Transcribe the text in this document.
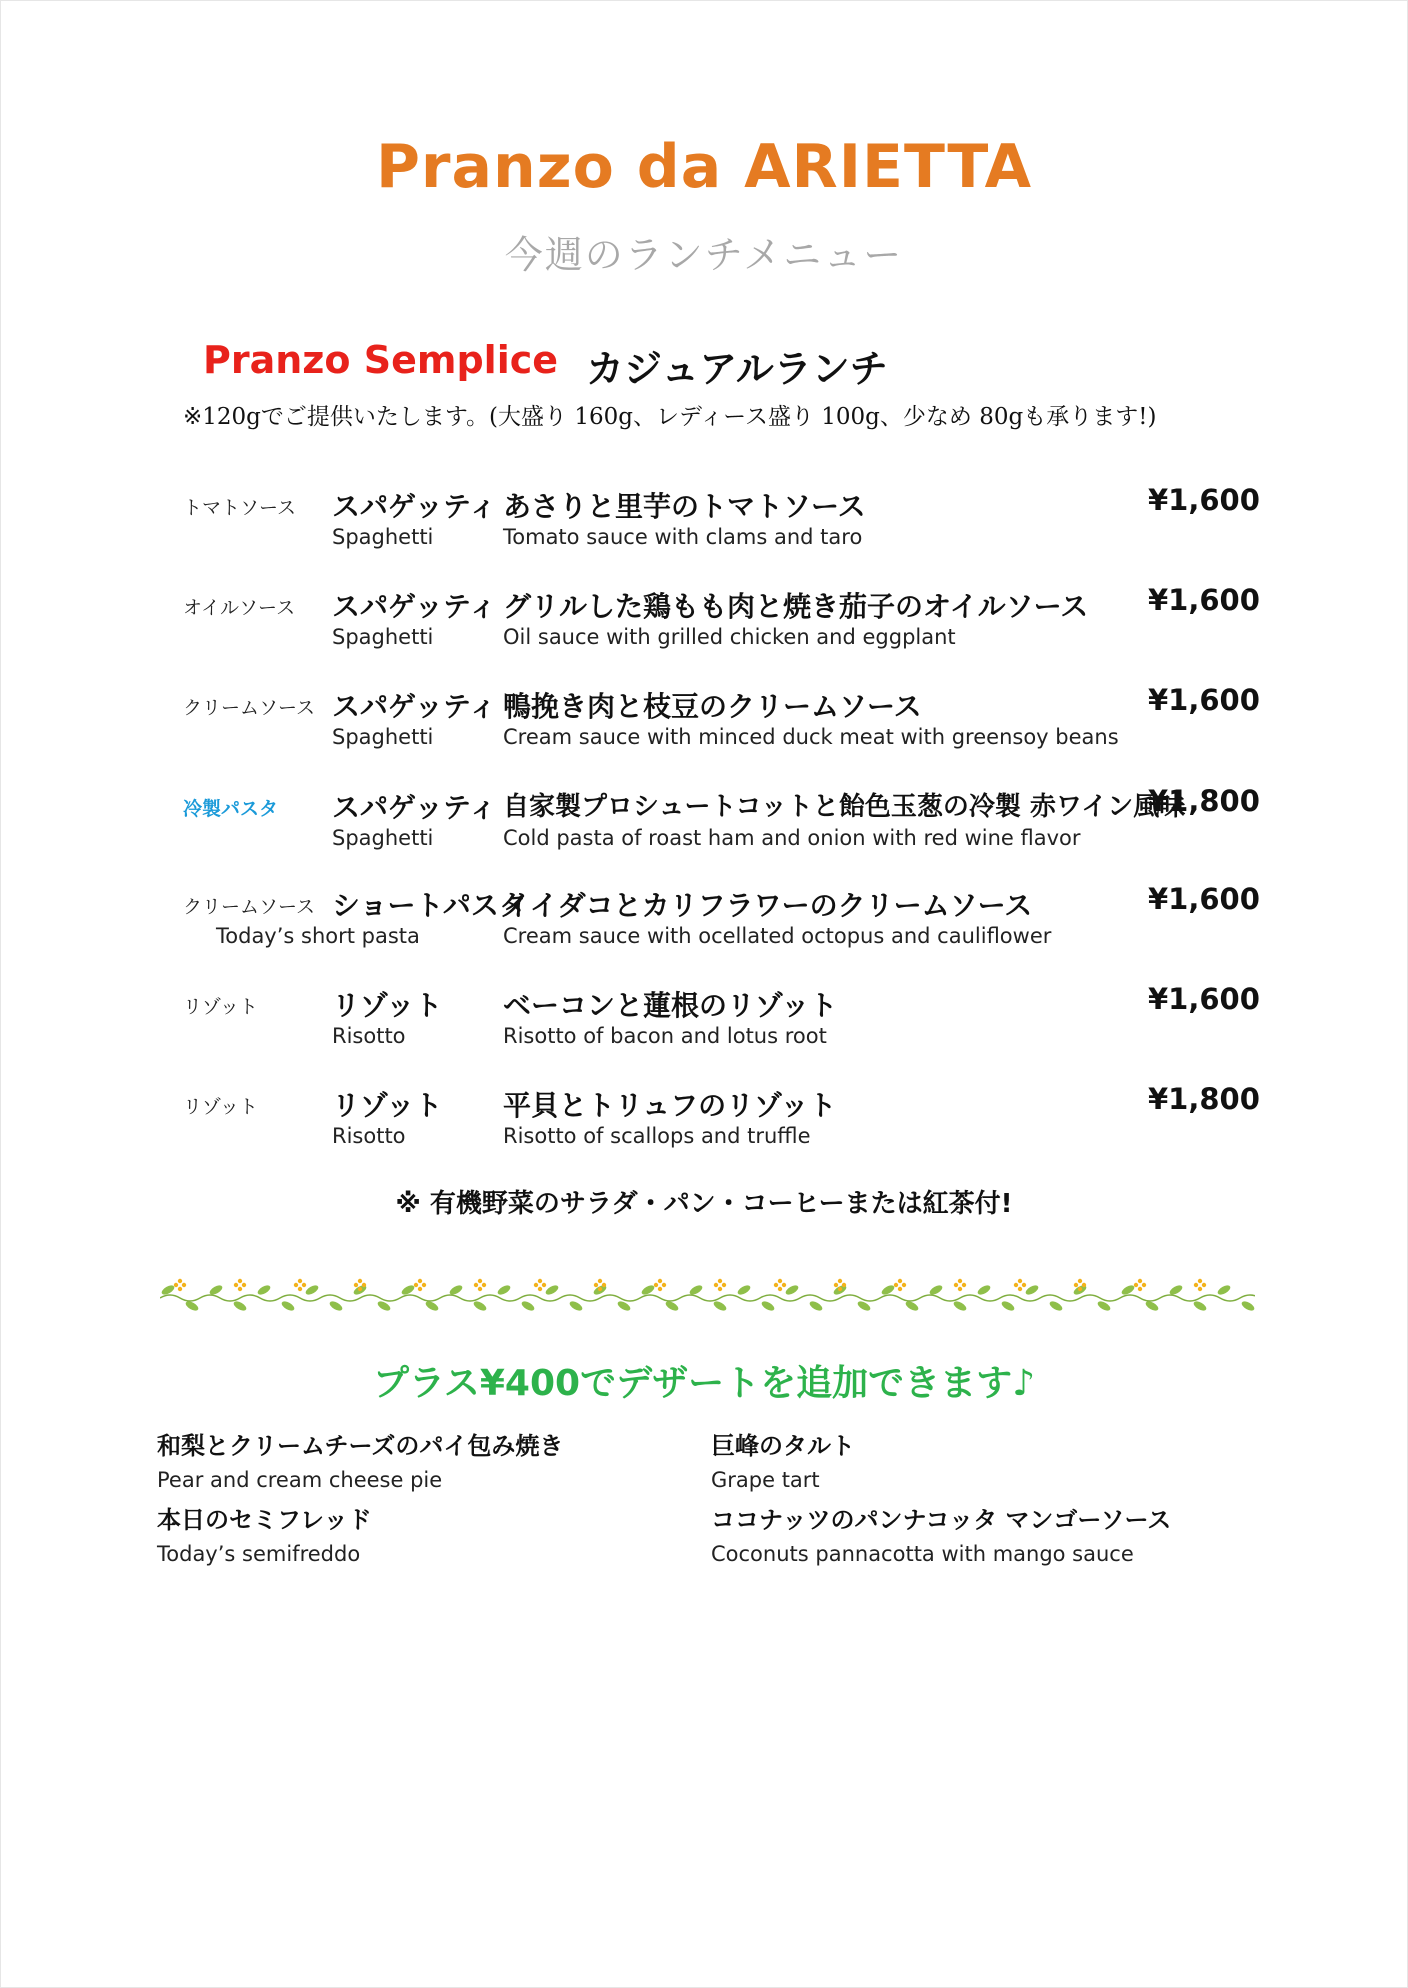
Pranzo da ARIETTA
今週のランチメニュー
Pranzo Semplice カジュアルランチ
※120gでご提供いたします。(大盛り 160g、レディース盛り 100g、少なめ 80gも承ります!)
トマトソース スパゲッティ
Spaghetti
あさりと里芋のトマトソース
Tomato sauce with clams and taro
¥1,600
オイルソース スパゲッティ
Spaghetti
グリルした鶏もも肉と焼き茄子のオイルソース
Oil sauce with grilled chicken and eggplant
¥1,600
クリームソース スパゲッティ
Spaghetti
鴨挽き肉と枝豆のクリームソース
Cream sauce with minced duck meat with greensoy beans
¥1,600
冷製パスタ スパゲッティ
Spaghetti
自家製プロシュートコットと飴色玉葱の冷製 赤ワイン風味
Cold pasta of roast ham and onion with red wine flavor
¥1,800
クリームソース ショートパスタ
Today’s short pasta
イイダコとカリフラワーのクリームソース
Cream sauce with ocellated octopus and cauliflower
¥1,600
リゾット	リゾット
Risotto
ベーコンと蓮根のリゾット
Risotto of bacon and lotus root
¥1,600
リゾット	リゾット
Risotto
平貝とトリュフのリゾット
Risotto of scallops and truffle
¥1,800
※ 有機野菜のサラダ・パン・コーヒーまたは紅茶付!
プラス¥400でデザートを追加できます♪
和梨とクリームチーズのパイ包み焼き
Pear and cream cheese pie
巨峰のタルト
Grape tart
本日のセミフレッド
Today’s semifreddo
ココナッツのパンナコッタ マンゴーソース
Coconuts pannacotta with mango sauce
